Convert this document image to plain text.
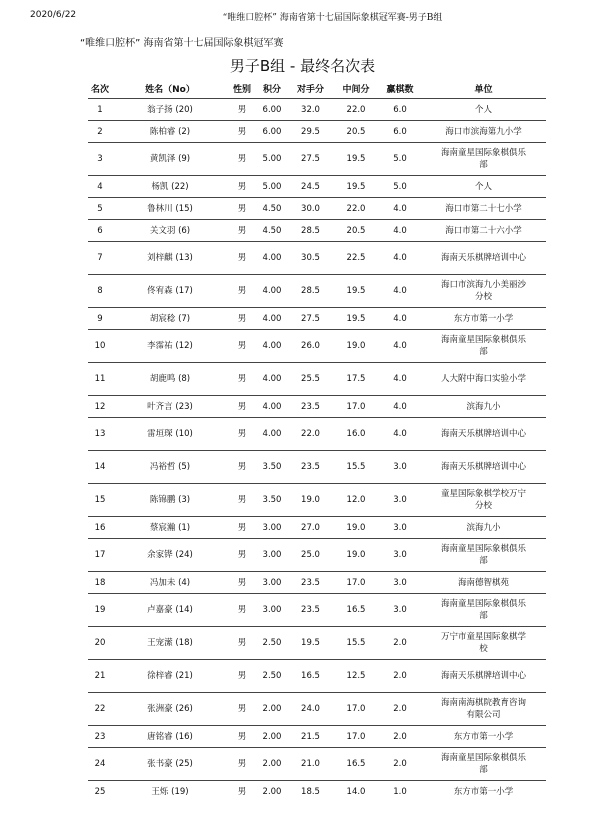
2020/6/22	“唯维口腔杯” 海南省第十七届国际象棋冠军赛-男子B组
“唯维口腔杯” 海南省第十七届国际象棋冠军赛
男子B组 - 最终名次表
名次	姓名（No）	性别	积分	对手分	中间分	赢棋数	单位
1	翁子扬 (20)	男	6.00	32.0	22.0	6.0	个人
2	陈柏睿 (2)	男	6.00	29.5	20.5	6.0	海口市滨海第九小学
3	黄凯泽 (9)	男	5.00	27.5	19.5	5.0	海南童星国际象棋俱乐部
4	杨凯 (22)	男	5.00	24.5	19.5	5.0	个人
5	鲁林川 (15)	男	4.50	30.0	22.0	4.0	海口市第二十七小学
6	关文羽 (6)	男	4.50	28.5	20.5	4.0	海口市第二十六小学
7	刘梓麒 (13)	男	4.00	30.5	22.5	4.0	海南天乐棋牌培训中心
8	佟宥森 (17)	男	4.00	28.5	19.5	4.0	海口市滨海九小美丽沙分校
9	胡宸稔 (7)	男	4.00	27.5	19.5	4.0	东方市第一小学
10	李霈祐 (12)	男	4.00	26.0	19.0	4.0	海南童星国际象棋俱乐部
11	胡鹿鸣 (8)	男	4.00	25.5	17.5	4.0	人大附中海口实验小学
12	叶齐言 (23)	男	4.00	23.5	17.0	4.0	滨海九小
13	雷垣琛 (10)	男	4.00	22.0	16.0	4.0	海南天乐棋牌培训中心
14	冯裕哲 (5)	男	3.50	23.5	15.5	3.0	海南天乐棋牌培训中心
15	陈锦鹏 (3)	男	3.50	19.0	12.0	3.0	童星国际象棋学校万宁分校
16	蔡宸瀚 (1)	男	3.00	27.0	19.0	3.0	滨海九小
17	余家铧 (24)	男	3.00	25.0	19.0	3.0	海南童星国际象棋俱乐部
18	冯加未 (4)	男	3.00	23.5	17.0	3.0	海南德智棋苑
19	卢嘉豪 (14)	男	3.00	23.5	16.5	3.0	海南童星国际象棋俱乐部
20	王宠潆 (18)	男	2.50	19.5	15.5	2.0	万宁市童星国际象棋学校
21	徐梓睿 (21)	男	2.50	16.5	12.5	2.0	海南天乐棋牌培训中心
22	张洲豪 (26)	男	2.00	24.0	17.0	2.0	海南南海棋院教育咨询有限公司
23	唐铭睿 (16)	男	2.00	21.5	17.0	2.0	东方市第一小学
24	张书豪 (25)	男	2.00	21.0	16.5	2.0	海南童星国际象棋俱乐部
25	王烁 (19)	男	2.00	18.5	14.0	1.0	东方市第一小学
